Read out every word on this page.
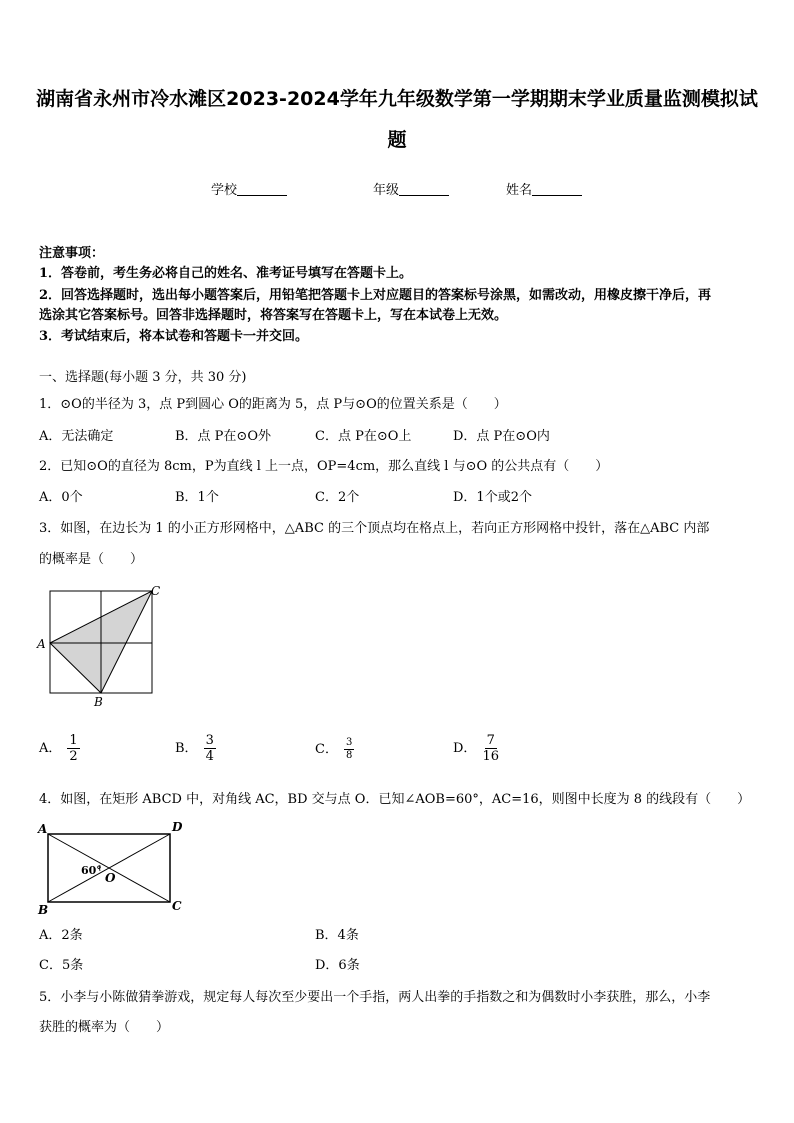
湖南省永州市冷水滩区2023-2024学年九年级数学第一学期期末学业质量监测模拟试
题
学校	年级	姓名
注意事项：
1．答卷前，考生务必将自己的姓名、准考证号填写在答题卡上。
2．回答选择题时，选出每小题答案后，用铅笔把答题卡上对应题目的答案标号涂黑，如需改动，用橡皮擦干净后，再
选涂其它答案标号。回答非选择题时，将答案写在答题卡上，写在本试卷上无效。
3．考试结束后，将本试卷和答题卡一并交回。
一、选择题(每小题 3 分，共 30 分)
1．⊙O的半径为 3，点 P到圆心 O的距离为 5，点 P与⊙O的位置关系是（　　）
A．无法确定	B．点 P在⊙O外	C．点 P在⊙O上	D．点 P在⊙O内
2．已知⊙O的直径为 8cm，P为直线 l 上一点，OP=4cm，那么直线 l 与⊙O 的公共点有（　　）
A．0个	B．1个	C．2个	D．1个或2个
3．如图，在边长为 1 的小正方形网格中，△ABC 的三个顶点均在格点上，若向正方形网格中投针，落在△ABC 内部
的概率是（　　）
A
C
B
A． $\frac{1}{2}$	B． $\frac{3}{4}$	C． $\frac{3}{8}$	D． $\frac{7}{16}$
4．如图，在矩形 ABCD 中，对角线 AC，BD 交与点 O．已知∠AOB=60°，AC=16，则图中长度为 8 的线段有（　　）
A	D
B	C
O
60°
A．2条	B．4条
C．5条	D．6条
5．小李与小陈做猜拳游戏，规定每人每次至少要出一个手指，两人出拳的手指数之和为偶数时小李获胜，那么，小李
获胜的概率为（　　）
